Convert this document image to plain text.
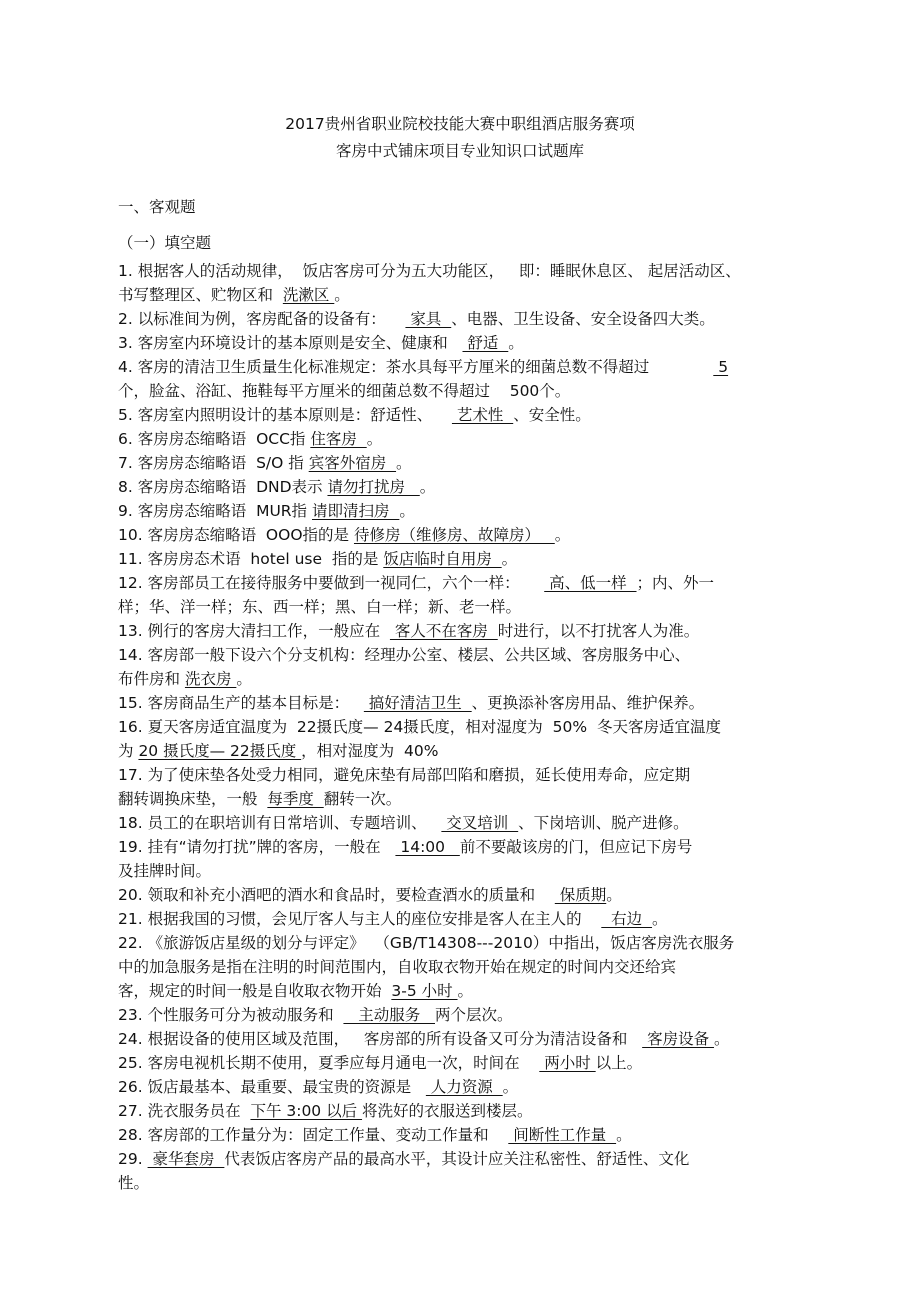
2017贵州省职业院校技能大赛中职组酒店服务赛项
客房中式铺床项目专业知识口试题库
一、客观题
（一）填空题
1. 根据客人的活动规律，  饭店客房可分为五大功能区，   即：睡眠休息区、 起居活动区、
书写整理区、贮物区和  洗漱区 。
2. 以标准间为例，客房配备的设备有：     家具  、电器、卫生设备、安全设备四大类。
3. 客房室内环境设计的基本原则是安全、健康和    舒适  。
4. 客房的清洁卫生质量生化标准规定：茶水具每平方厘米的细菌总数不得超过              5
个，脸盆、浴缸、拖鞋每平方厘米的细菌总数不得超过    500个。
5. 客房室内照明设计的基本原则是：舒适性、     艺术性  、安全性。
6. 客房房态缩略语  OCC指 住客房  。
7. 客房房态缩略语  S/O 指 宾客外宿房  。
8. 客房房态缩略语  DND表示 请勿打扰房   。
9. 客房房态缩略语  MUR指 请即清扫房  。
10. 客房房态缩略语  OOO指的是 待修房（维修房、故障房）   。
11. 客房房态术语  hotel use  指的是 饭店临时自用房  。
12. 客房部员工在接待服务中要做到一视同仁，六个一样：      高、低一样  ；内、外一
样；华、洋一样；东、西一样；黑、白一样；新、老一样。
13. 例行的客房大清扫工作，一般应在   客人不在客房  时进行，以不打扰客人为准。
14. 客房部一般下设六个分支机构：经理办公室、楼层、公共区域、客房服务中心、
布件房和 洗衣房 。
15. 客房商品生产的基本目标是：    搞好清洁卫生  、更换添补客房用品、维护保养。
16. 夏天客房适宜温度为  22摄氏度— 24摄氏度，相对湿度为  50%  冬天客房适宜温度
为 20 摄氏度— 22摄氏度 ，相对湿度为  40%
17. 为了使床垫各处受力相同，避免床垫有局部凹陷和磨损，延长使用寿命，应定期
翻转调换床垫，一般  每季度  翻转一次。
18. 员工的在职培训有日常培训、专题培训、    交叉培训  、下岗培训、脱产进修。
19. 挂有“请勿打扰”牌的客房，一般在    14:00   前不要敲该房的门，但应记下房号
及挂牌时间。
20. 领取和补充小酒吧的酒水和食品时，要检查酒水的质量和     保质期。
21. 根据我国的习惯，会见厅客人与主人的座位安排是客人在主人的      右边  。
22. 《旅游饭店星级的划分与评定》  （GB/T14308---2010）中指出，饭店客房洗衣服务
中的加急服务是指在注明的时间范围内，自收取衣物开始在规定的时间内交还给宾
客，规定的时间一般是自收取衣物开始  3-5 小时 。
23. 个性服务可分为被动服务和     主动服务   两个层次。
24. 根据设备的使用区域及范围，   客房部的所有设备又可分为清洁设备和    客房设备 。
25. 客房电视机长期不使用，夏季应每月通电一次，时间在     两小时 以上。
26. 饭店最基本、最重要、最宝贵的资源是    人力资源  。
27. 洗衣服务员在  下午 3:00 以后 将洗好的衣服送到楼层。
28. 客房部的工作量分为：固定工作量、变动工作量和     间断性工作量  。
29.  豪华套房  代表饭店客房产品的最高水平，其设计应关注私密性、舒适性、文化
性。
